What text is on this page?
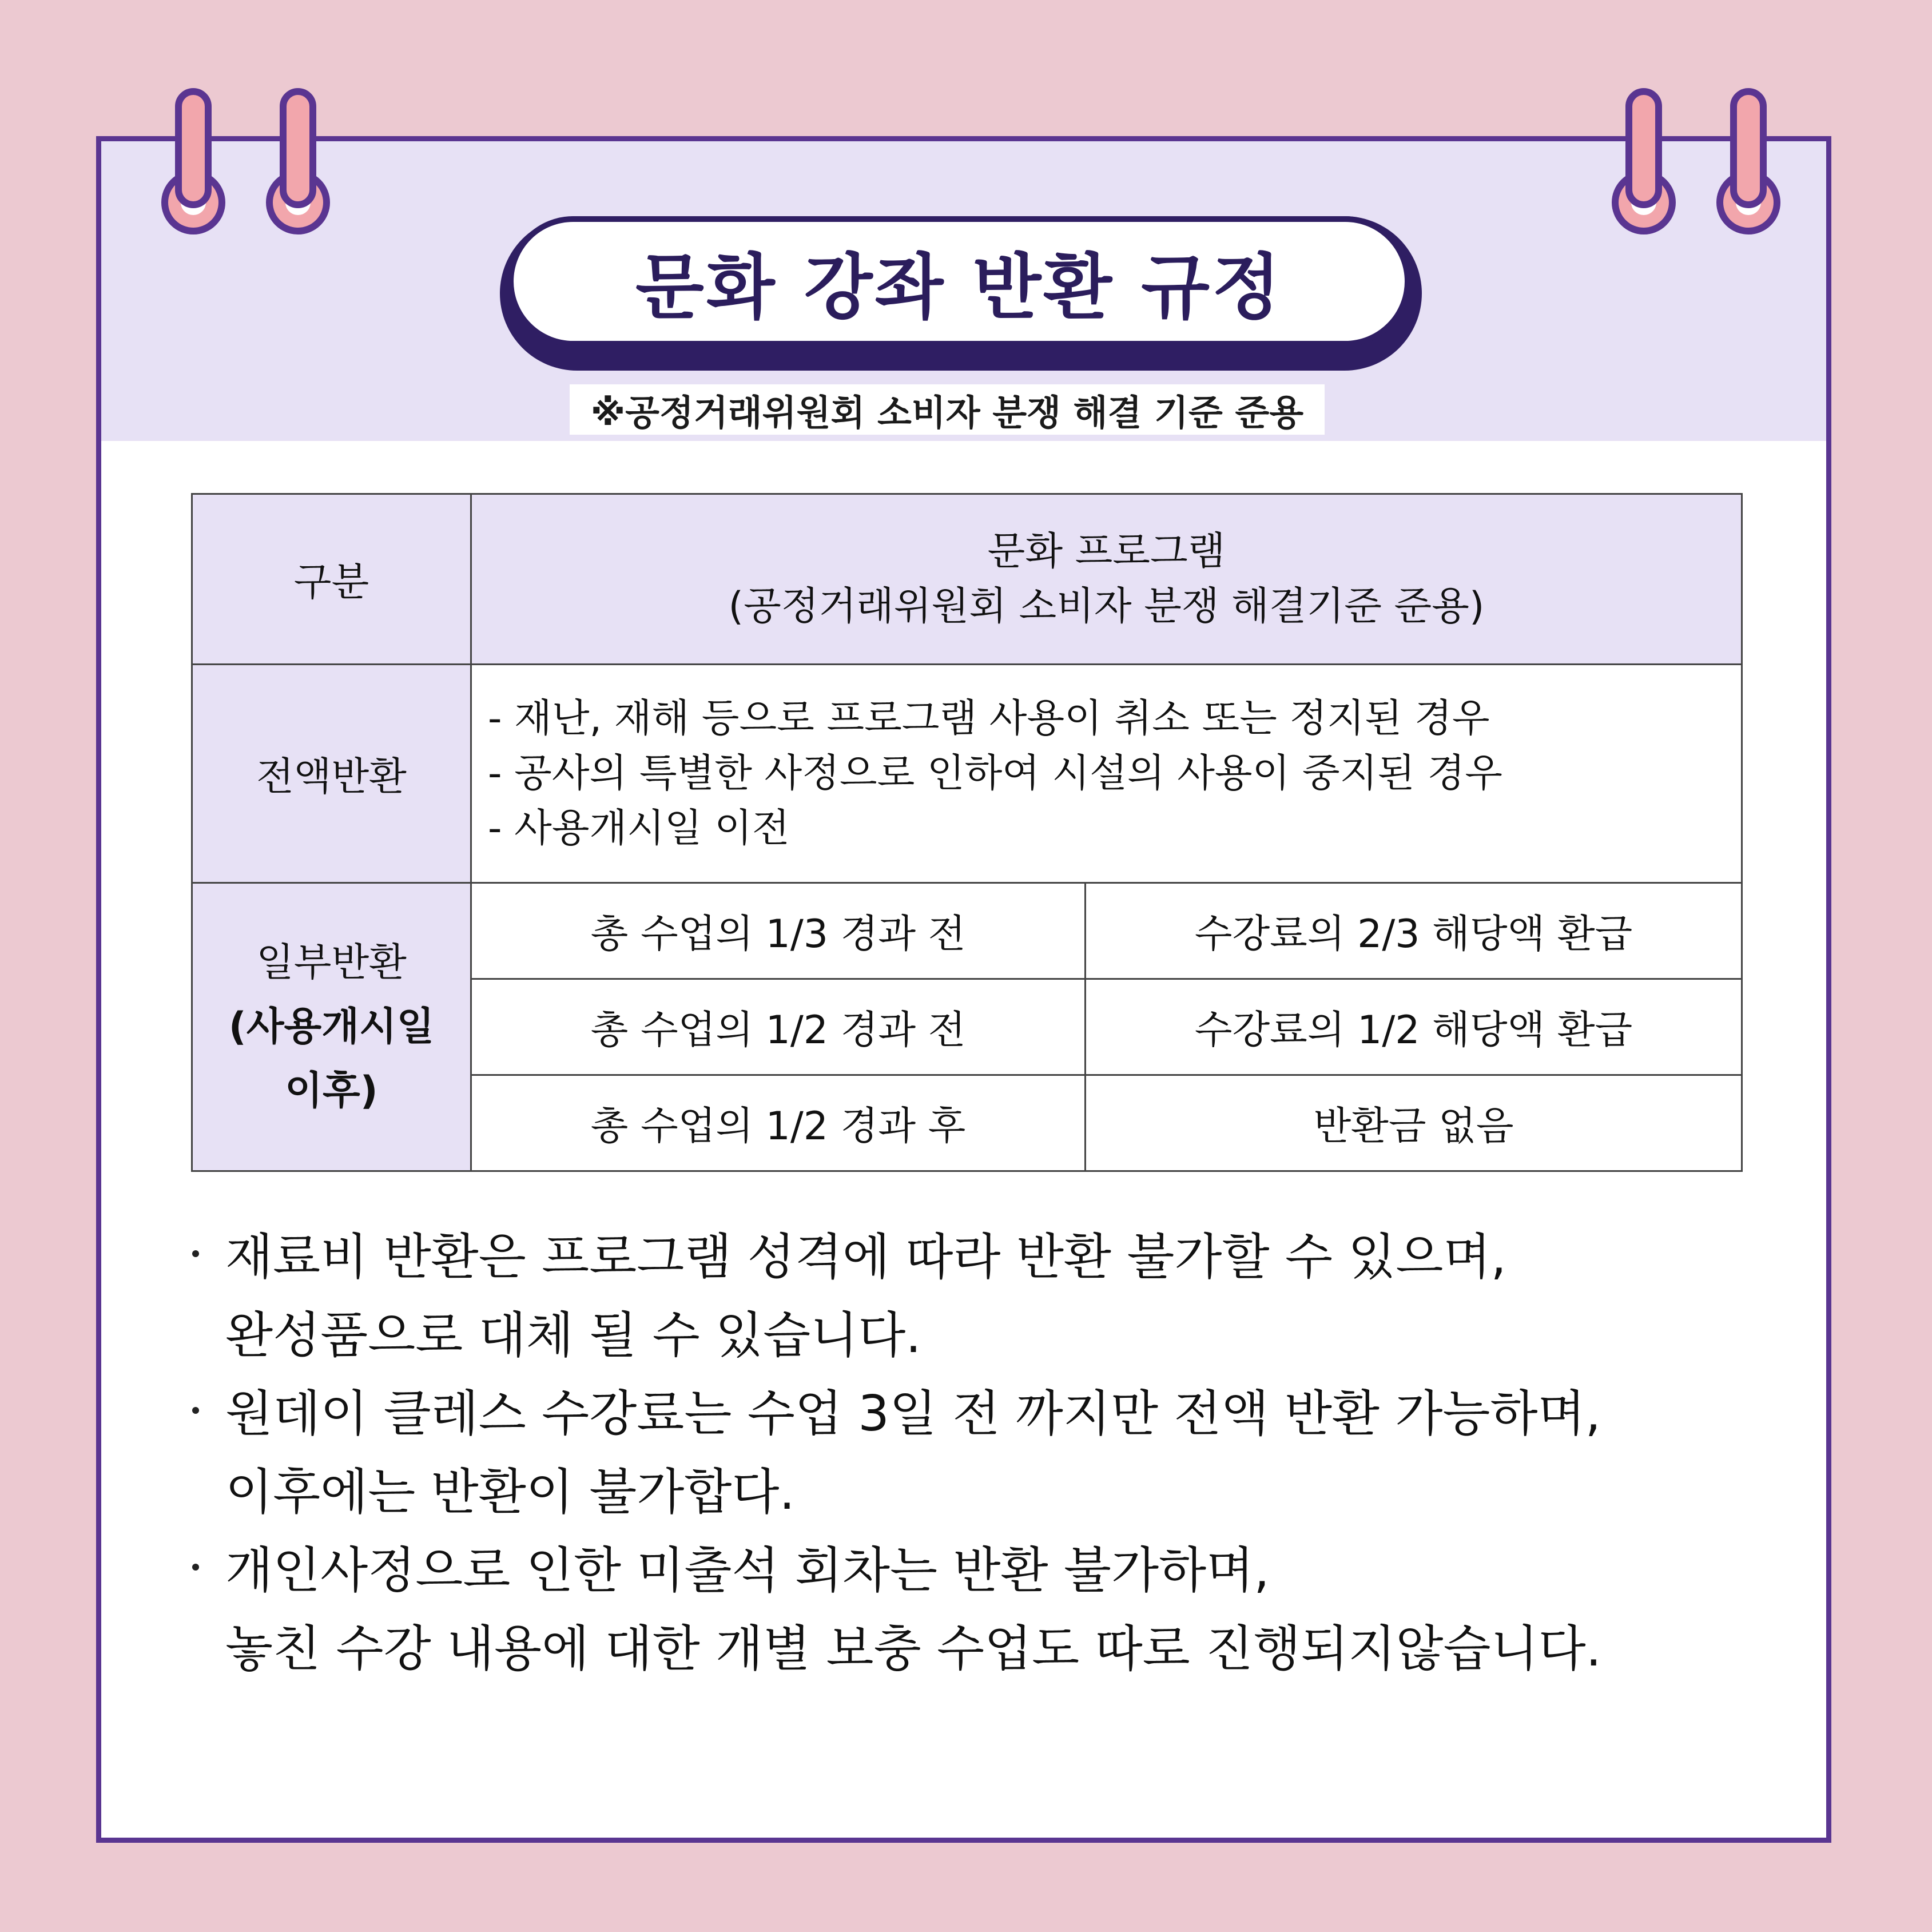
문화 강좌 반환 규정
※공정거래위원회 소비자 분쟁 해결 기준 준용
구분	문화 프로그램
(공정거래위원회 소비자 분쟁 해결기준 준용)	

전액반환	- 재난, 재해 등으로 프로그램 사용이 취소 또는 정지된 경우
- 공사의 특별한 사정으로 인하여 시설의 사용이 중지된 경우
- 사용개시일 이전	

일부반환
(사용개시일
이후)	총 수업의 1/3 경과 전	수강료의 2/3 해당액 환급
	총 수업의 1/2 경과 전	수강료의 1/2 해당액 환급
	총 수업의 1/2 경과 후	반환금 없음
재료비 반환은 프로그램 성격에 따라 반환 불가할 수 있으며,
완성품으로 대체 될 수 있습니다.
원데이 클레스 수강료는 수업 3일 전 까지만 전액 반환 가능하며,
이후에는 반환이 불가합다.
개인사정으로 인한 미출석 회차는 반환 불가하며,
놓친 수강 내용에 대한 개별 보충 수업도 따로 진행되지않습니다.
